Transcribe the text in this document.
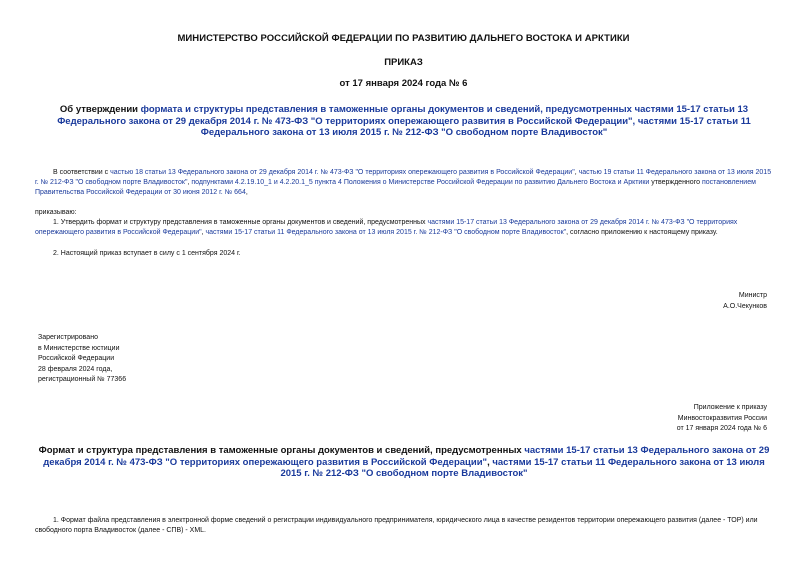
МИНИСТЕРСТВО РОССИЙСКОЙ ФЕДЕРАЦИИ ПО РАЗВИТИЮ ДАЛЬНЕГО ВОСТОКА И АРКТИКИ
ПРИКАЗ
от 17 января 2024 года № 6
Об утверждении формата и структуры представления в таможенные органы документов и сведений, предусмотренных частями 15-17 статьи 13 Федерального закона от 29 декабря 2014 г. № 473-ФЗ "О территориях опережающего развития в Российской Федерации", частями 15-17 статьи 11 Федерального закона от 13 июля 2015 г. № 212-ФЗ "О свободном порте Владивосток"
В соответствии с частью 18 статьи 13 Федерального закона от 29 декабря 2014 г. № 473-ФЗ "О территориях опережающего развития в Российской Федерации", частью 19 статьи 11 Федерального закона от 13 июля 2015 г. № 212-ФЗ "О свободном порте Владивосток", подпунктами 4.2.19.10_1 и 4.2.20.1_5 пункта 4 Положения о Министерстве Российской Федерации по развитию Дальнего Востока и Арктики утвержденного постановлением Правительства Российской Федерации от 30 июня 2012 г. № 664,
приказываю:
1. Утвердить формат и структуру представления в таможенные органы документов и сведений, предусмотренных частями 15-17 статьи 13 Федерального закона от 29 декабря 2014 г. № 473-ФЗ "О территориях опережающего развития в Российской Федерации", частями 15-17 статьи 11 Федерального закона от 13 июля 2015 г. № 212-ФЗ "О свободном порте Владивосток", согласно приложению к настоящему приказу.
2. Настоящий приказ вступает в силу с 1 сентября 2024 г.
Министр
А.О.Чекунков
Зарегистрировано
в Министерстве юстиции
Российской Федерации
28 февраля 2024 года,
регистрационный № 77366
Приложение к приказу
Минвостокразвития России
от 17 января 2024 года № 6
Формат и структура представления в таможенные органы документов и сведений, предусмотренных частями 15-17 статьи 13 Федерального закона от 29 декабря 2014 г. № 473-ФЗ "О территориях опережающего развития в Российской Федерации", частями 15-17 статьи 11 Федерального закона от 13 июля 2015 г. № 212-ФЗ "О свободном порте Владивосток"
1. Формат файла представления в электронной форме сведений о регистрации индивидуального предпринимателя, юридического лица в качестве резидентов территории опережающего развития (далее - ТОР) или свободного порта Владивосток (далее - СПВ) - XML.
